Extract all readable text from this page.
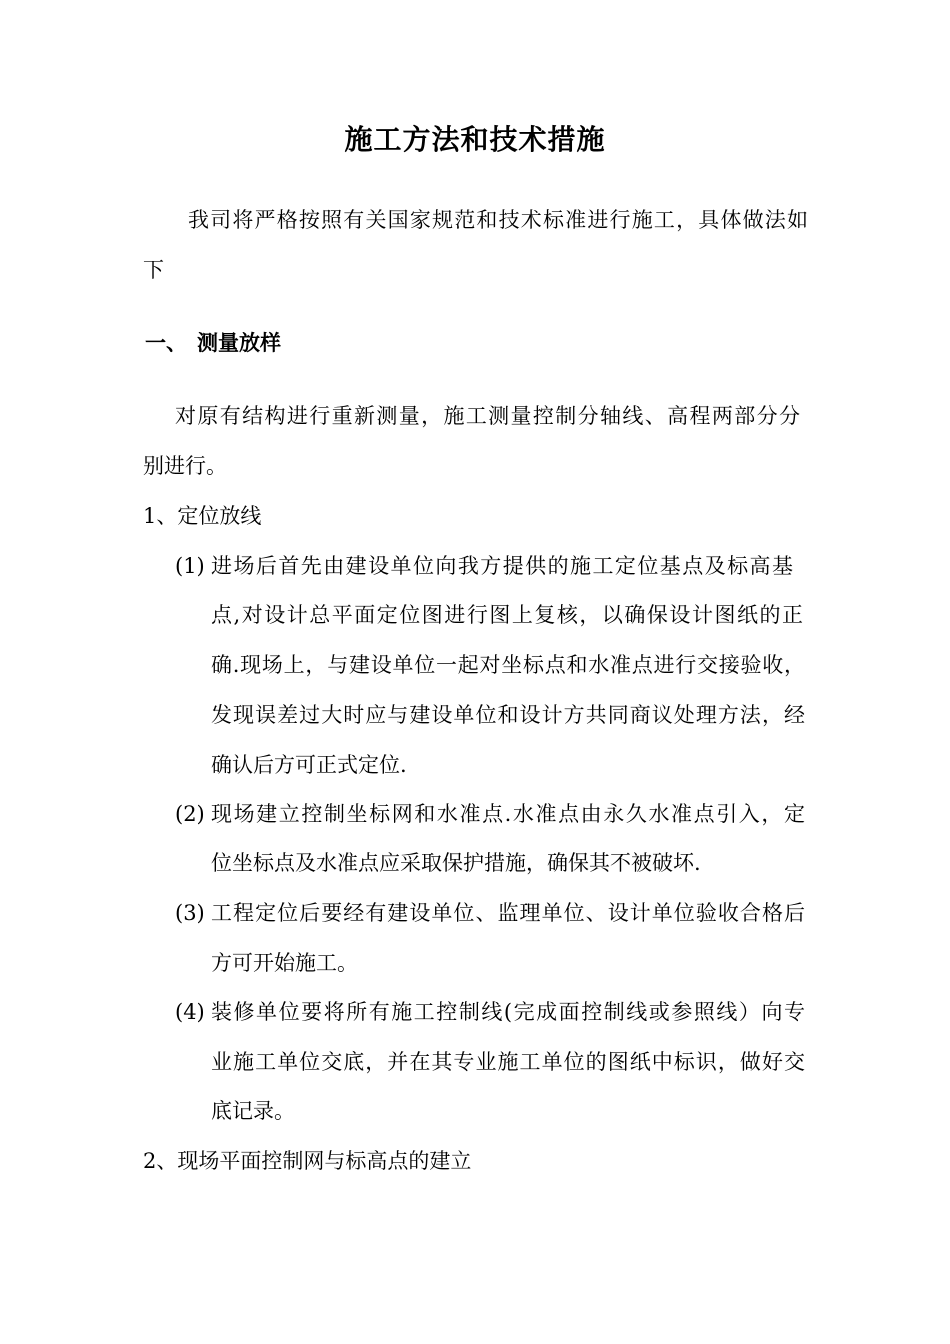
施工方法和技术措施
我司将严格按照有关国家规范和技术标准进行施工，具体做法如
下
一、 测量放样
对原有结构进行重新测量，施工测量控制分轴线、高程两部分分
别进行。
1、定位放线
(1) 进场后首先由建设单位向我方提供的施工定位基点及标高基
点,对设计总平面定位图进行图上复核，以确保设计图纸的正
确.现场上，与建设单位一起对坐标点和水准点进行交接验收，
发现误差过大时应与建设单位和设计方共同商议处理方法，经
确认后方可正式定位.
(2) 现场建立控制坐标网和水准点.水准点由永久水准点引入，定
位坐标点及水准点应采取保护措施，确保其不被破坏.
(3) 工程定位后要经有建设单位、监理单位、设计单位验收合格后
方可开始施工。
(4) 装修单位要将所有施工控制线(完成面控制线或参照线）向专
业施工单位交底，并在其专业施工单位的图纸中标识，做好交
底记录。
2、现场平面控制网与标高点的建立
